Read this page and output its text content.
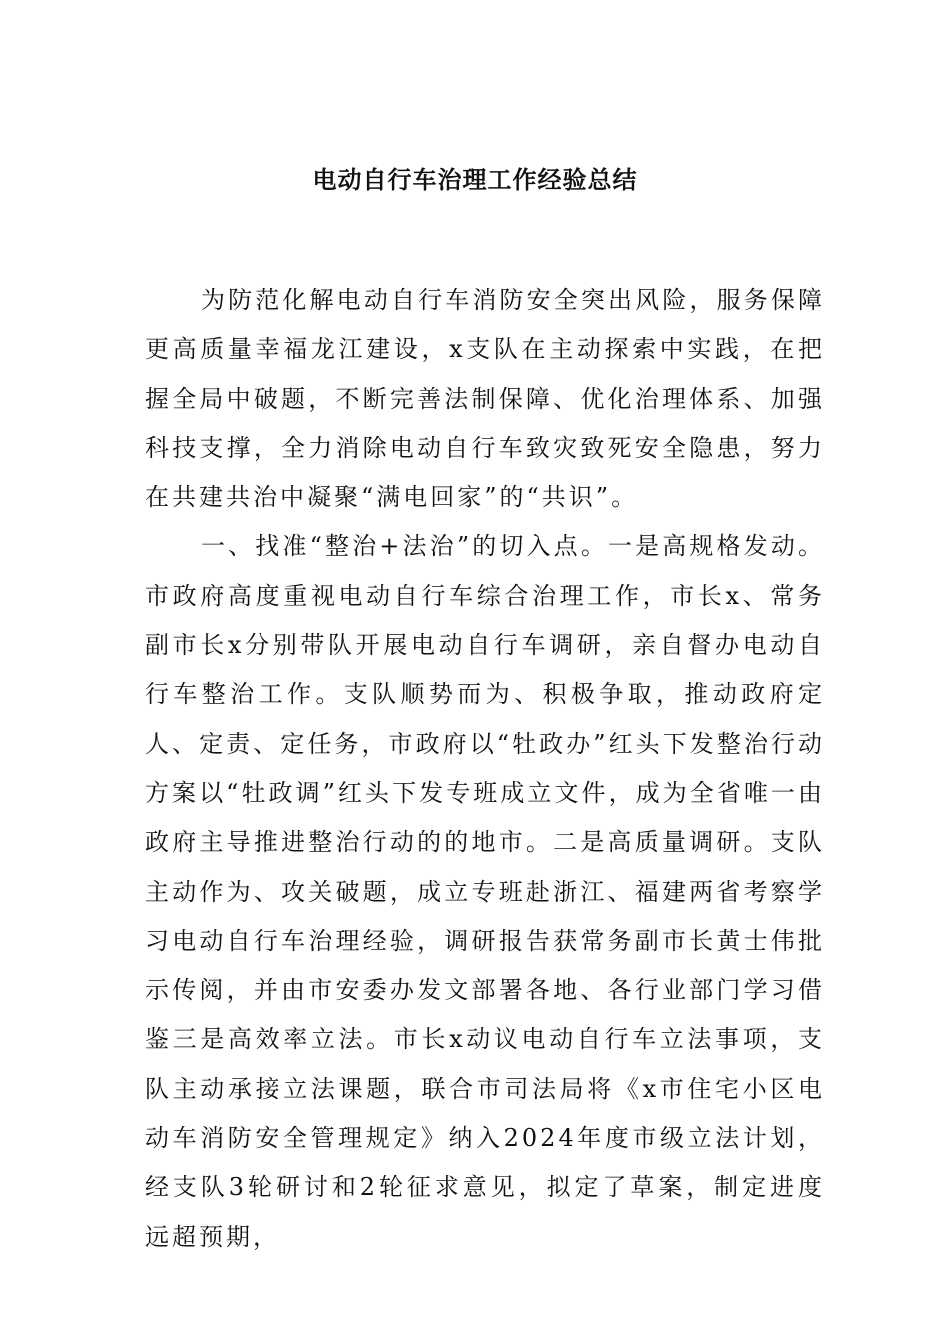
电动自行车治理工作经验总结

为防范化解电动自行车消防安全突出风险，服务保障更高质量幸福龙江建设，x支队在主动探索中实践，在把握全局中破题，不断完善法制保障、优化治理体系、加强科技支撑，全力消除电动自行车致灾致死安全隐患，努力在共建共治中凝聚“满电回家”的“共识”。

一、找准“整治+法治”的切入点。一是高规格发动。市政府高度重视电动自行车综合治理工作，市长x、常务副市长x分别带队开展电动自行车调研，亲自督办电动自行车整治工作。支队顺势而为、积极争取，推动政府定人、定责、定任务，市政府以“牡政办”红头下发整治行动方案以“牡政调”红头下发专班成立文件，成为全省唯一由政府主导推进整治行动的的地市。二是高质量调研。支队主动作为、攻关破题，成立专班赴浙江、福建两省考察学习电动自行车治理经验，调研报告获常务副市长黄士伟批示传阅，并由市安委办发文部署各地、各行业部门学习借鉴三是高效率立法。市长x动议电动自行车立法事项，支队主动承接立法课题，联合市司法局将《x市住宅小区电动车消防安全管理规定》纳入2024年度市级立法计划，经支队3轮研讨和2轮征求意见，拟定了草案，制定进度远超预期，
